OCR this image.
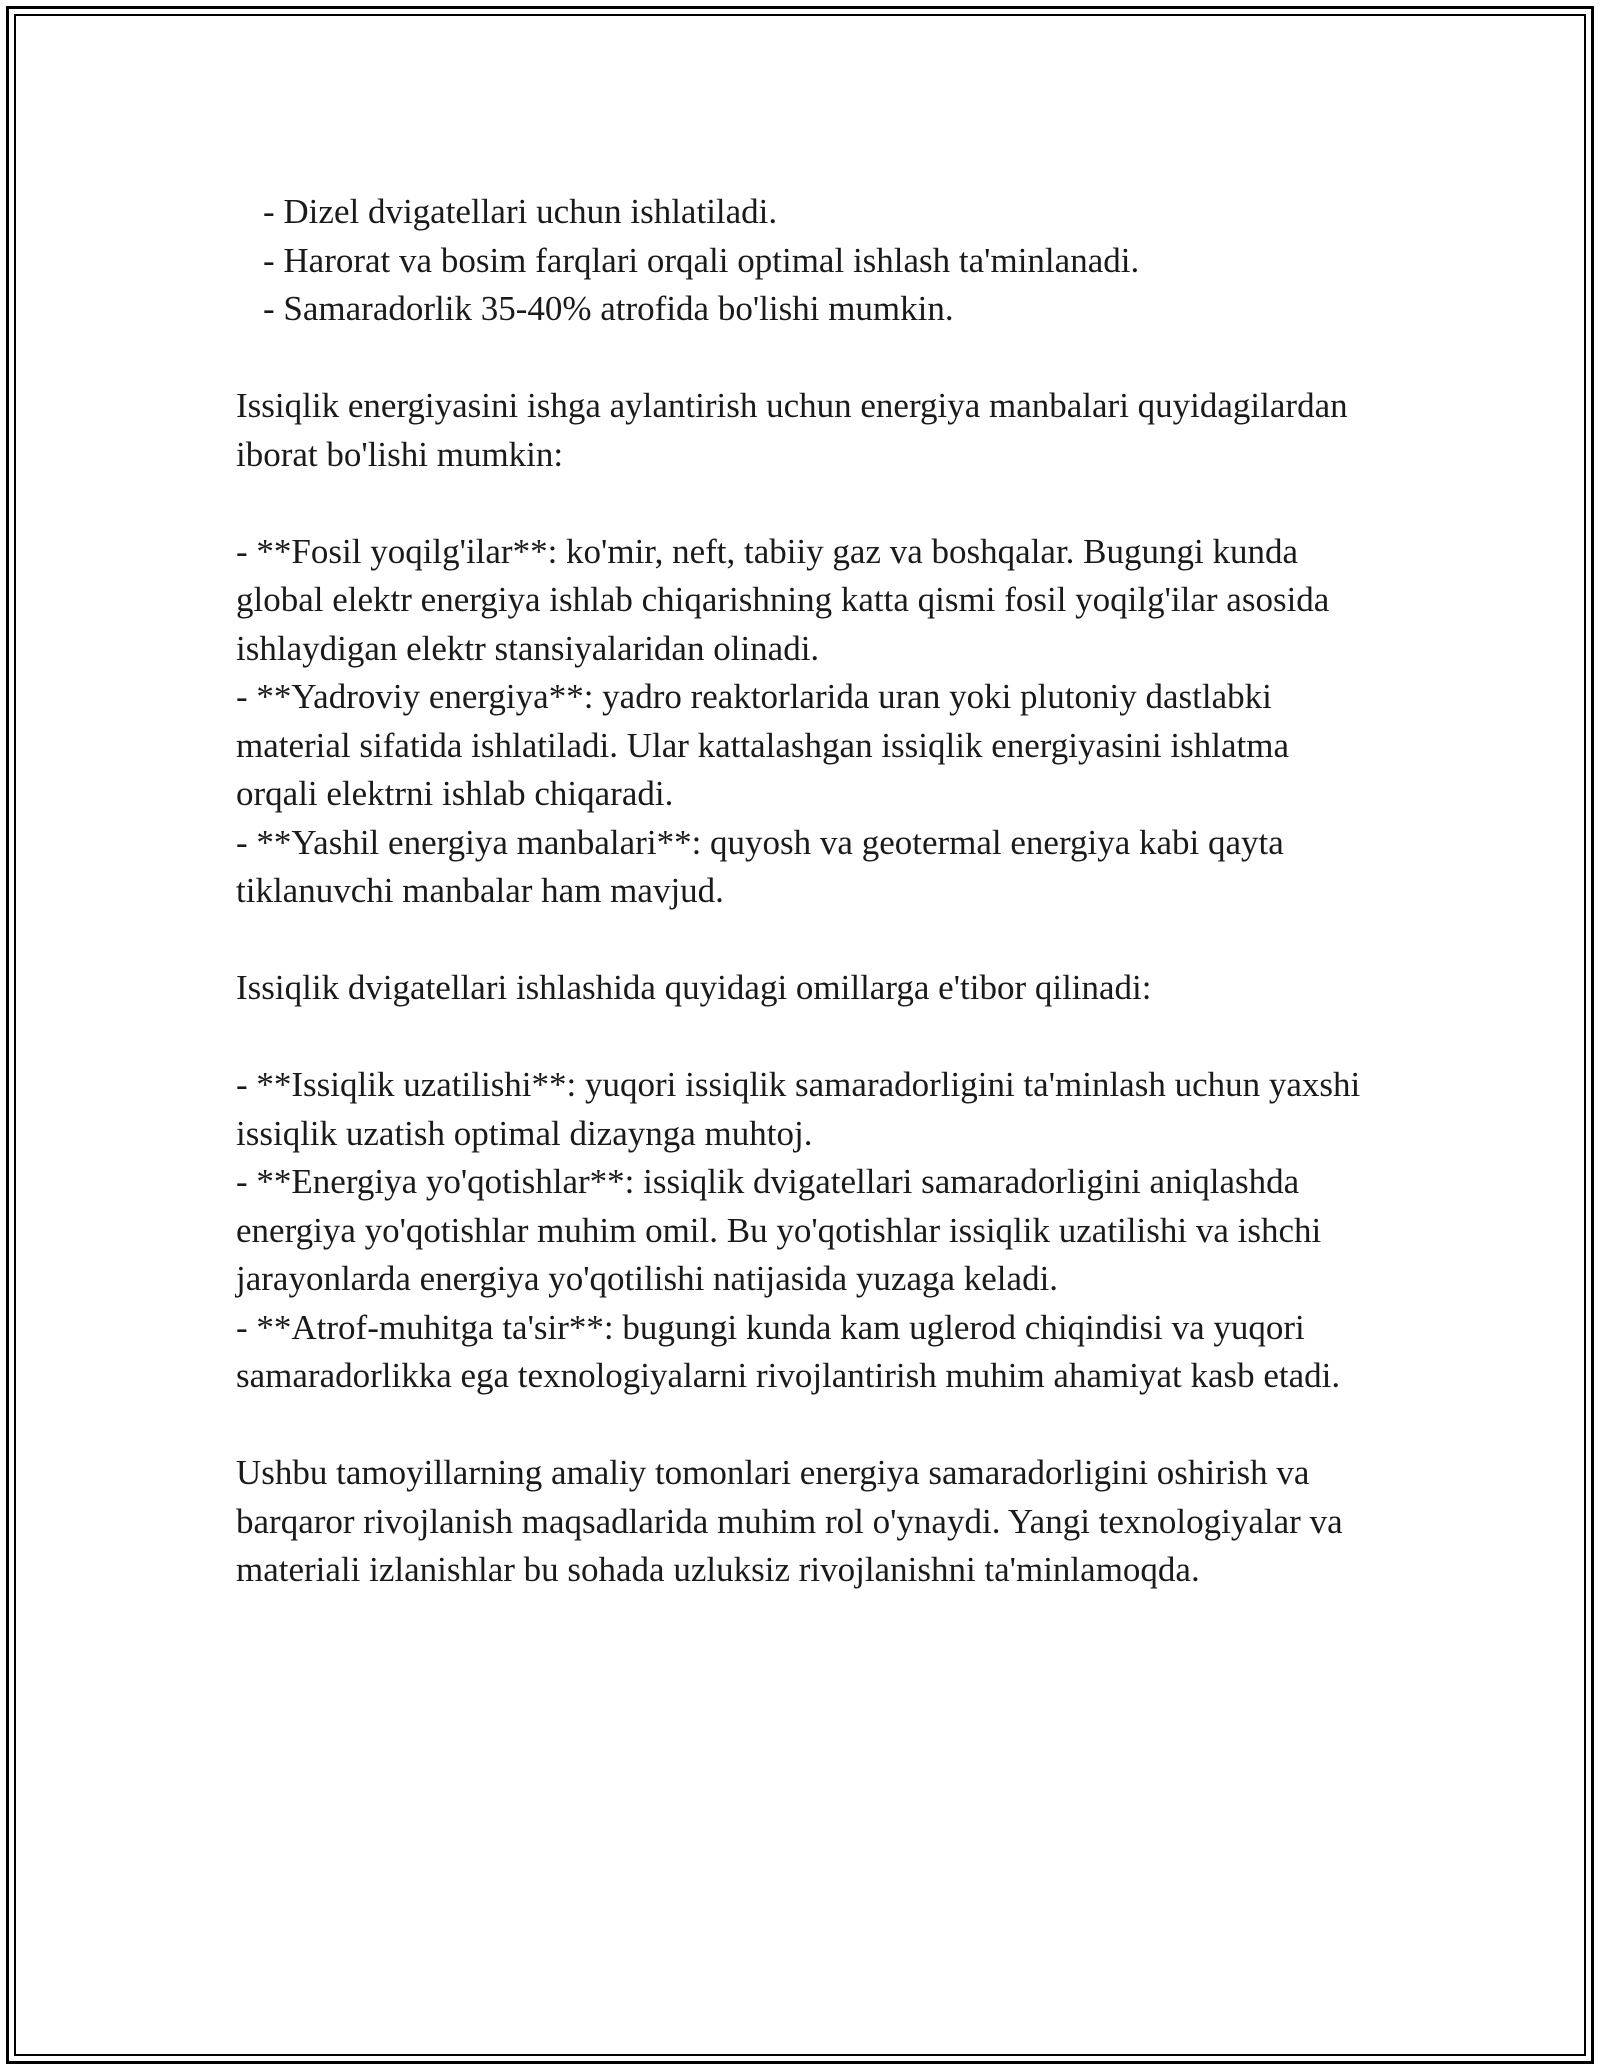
- Dizel dvigatellari uchun ishlatiladi.

- Harorat va bosim farqlari orqali optimal ishlash ta'minlanadi.

- Samaradorlik 35-40% atrofida bo'lishi mumkin.

Issiqlik energiyasini ishga aylantirish uchun energiya manbalari quyidagilardan iborat bo'lishi mumkin:

- **Fosil yoqilg'ilar**: ko'mir, neft, tabiiy gaz va boshqalar. Bugungi kunda global elektr energiya ishlab chiqarishning katta qismi fosil yoqilg'ilar asosida ishlaydigan elektr stansiyalaridan olinadi.

- **Yadroviy energiya**: yadro reaktorlarida uran yoki plutoniy dastlabki material sifatida ishlatiladi. Ular kattalashgan issiqlik energiyasini ishlatma orqali elektrni ishlab chiqaradi.

- **Yashil energiya manbalari**: quyosh va geotermal energiya kabi qayta tiklanuvchi manbalar ham mavjud.

Issiqlik dvigatellari ishlashida quyidagi omillarga e'tibor qilinadi:

- **Issiqlik uzatilishi**: yuqori issiqlik samaradorligini ta'minlash uchun yaxshi issiqlik uzatish optimal dizaynga muhtoj.

- **Energiya yo'qotishlar**: issiqlik dvigatellari samaradorligini aniqlashda energiya yo'qotishlar muhim omil. Bu yo'qotishlar issiqlik uzatilishi va ishchi jarayonlarda energiya yo'qotilishi natijasida yuzaga keladi.

- **Atrof-muhitga ta'sir**: bugungi kunda kam uglerod chiqindisi va yuqori samaradorlikka ega texnologiyalarni rivojlantirish muhim ahamiyat kasb etadi.

Ushbu tamoyillarning amaliy tomonlari energiya samaradorligini oshirish va barqaror rivojlanish maqsadlarida muhim rol o'ynaydi. Yangi texnologiyalar va materiali izlanishlar bu sohada uzluksiz rivojlanishni ta'minlamoqda.
